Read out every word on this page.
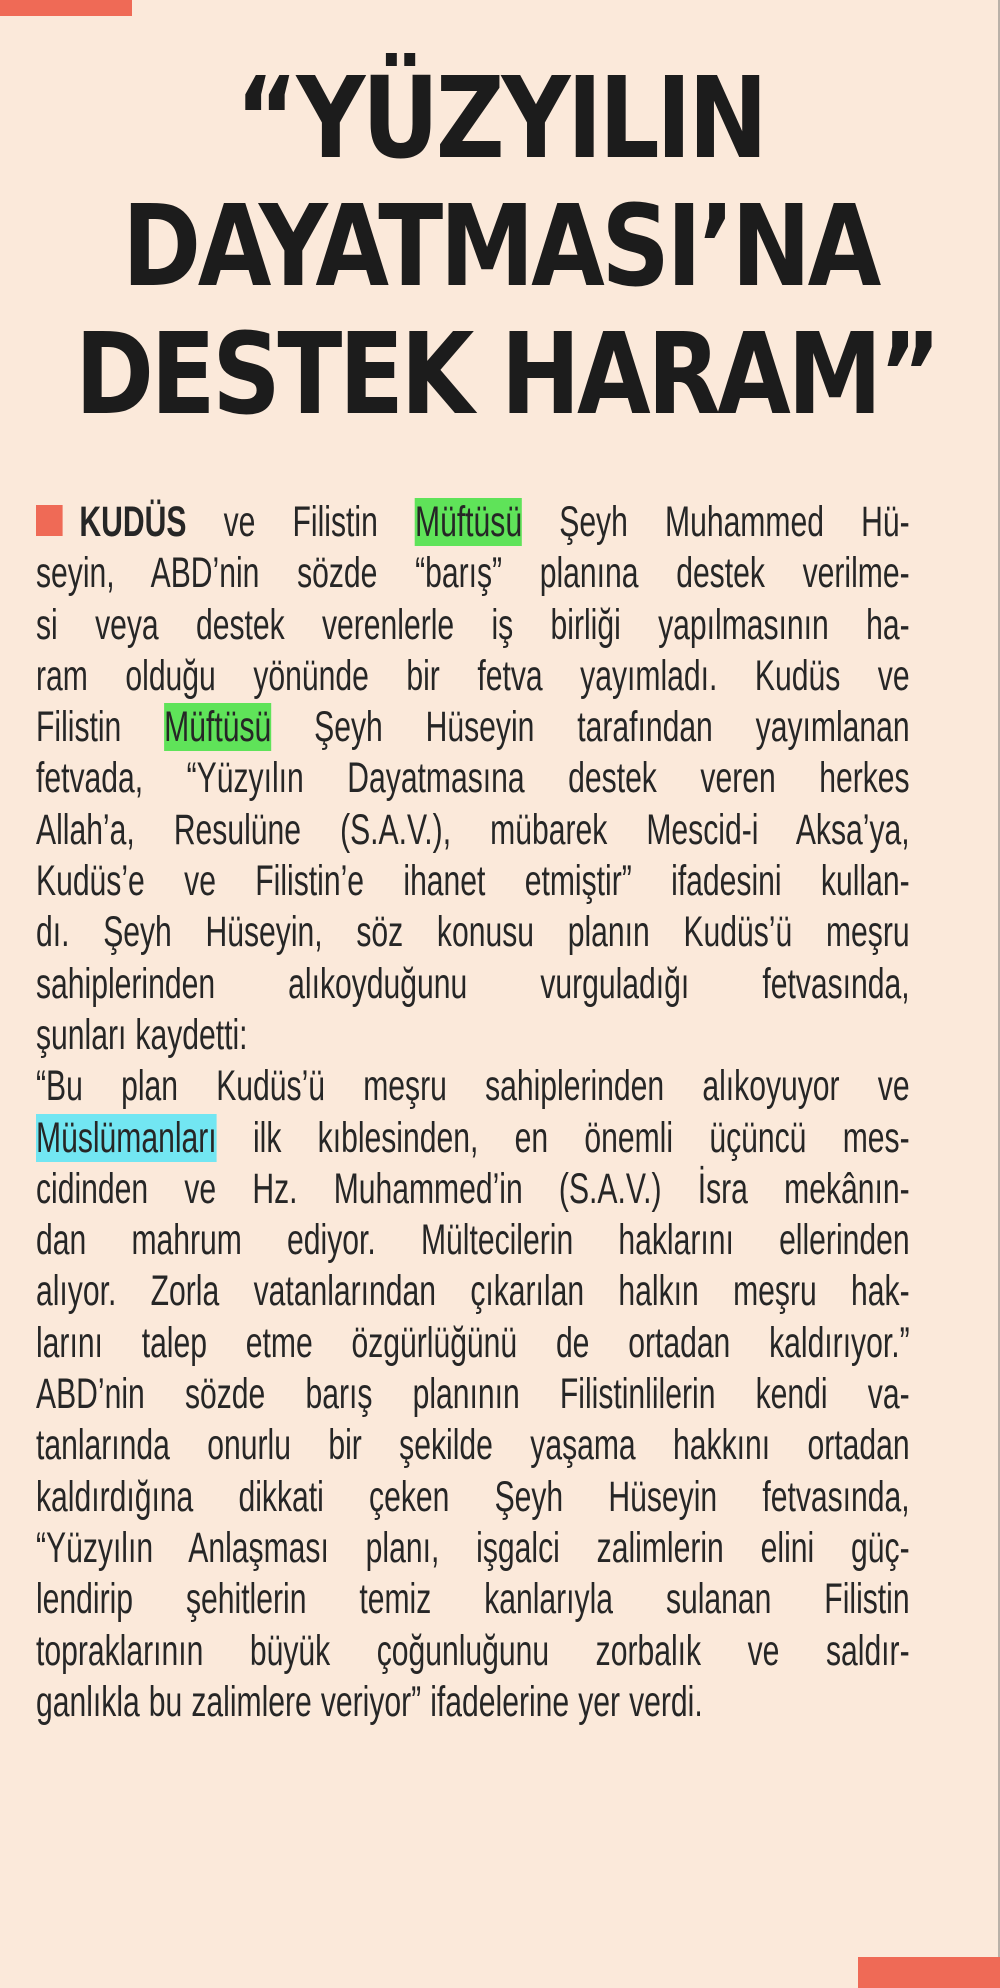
“YÜZYILIN
DAYATMASI’NA
DESTEK HARAM”

KUDÜS ve Filistin Müftüsü Şeyh Muhammed Hü-
seyin, ABD’nin sözde “barış” planına destek verilme-
si veya destek verenlerle iş birliği yapılmasının ha-
ram olduğu yönünde bir fetva yayımladı. Kudüs ve
Filistin Müftüsü Şeyh Hüseyin tarafından yayımlanan
fetvada, “Yüzyılın Dayatmasına destek veren herkes
Allah’a, Resulüne (S.A.V.), mübarek Mescid-i Aksa’ya,
Kudüs’e ve Filistin’e ihanet etmiştir” ifadesini kullan-
dı. Şeyh Hüseyin, söz konusu planın Kudüs’ü meşru
sahiplerinden alıkoyduğunu vurguladığı fetvasında,
şunları kaydetti:

“Bu plan Kudüs’ü meşru sahiplerinden alıkoyuyor ve
Müslümanları ilk kıblesinden, en önemli üçüncü mes-
cidinden ve Hz. Muhammed’in (S.A.V.) İsra mekânın-
dan mahrum ediyor. Mültecilerin haklarını ellerinden
alıyor. Zorla vatanlarından çıkarılan halkın meşru hak-
larını talep etme özgürlüğünü de ortadan kaldırıyor.”

ABD’nin sözde barış planının Filistinlilerin kendi va-
tanlarında onurlu bir şekilde yaşama hakkını ortadan
kaldırdığına dikkati çeken Şeyh Hüseyin fetvasında,
“Yüzyılın Anlaşması planı, işgalci zalimlerin elini güç-
lendirip şehitlerin temiz kanlarıyla sulanan Filistin
topraklarının büyük çoğunluğunu zorbalık ve saldır-
ganlıkla bu zalimlere veriyor” ifadelerine yer verdi.
